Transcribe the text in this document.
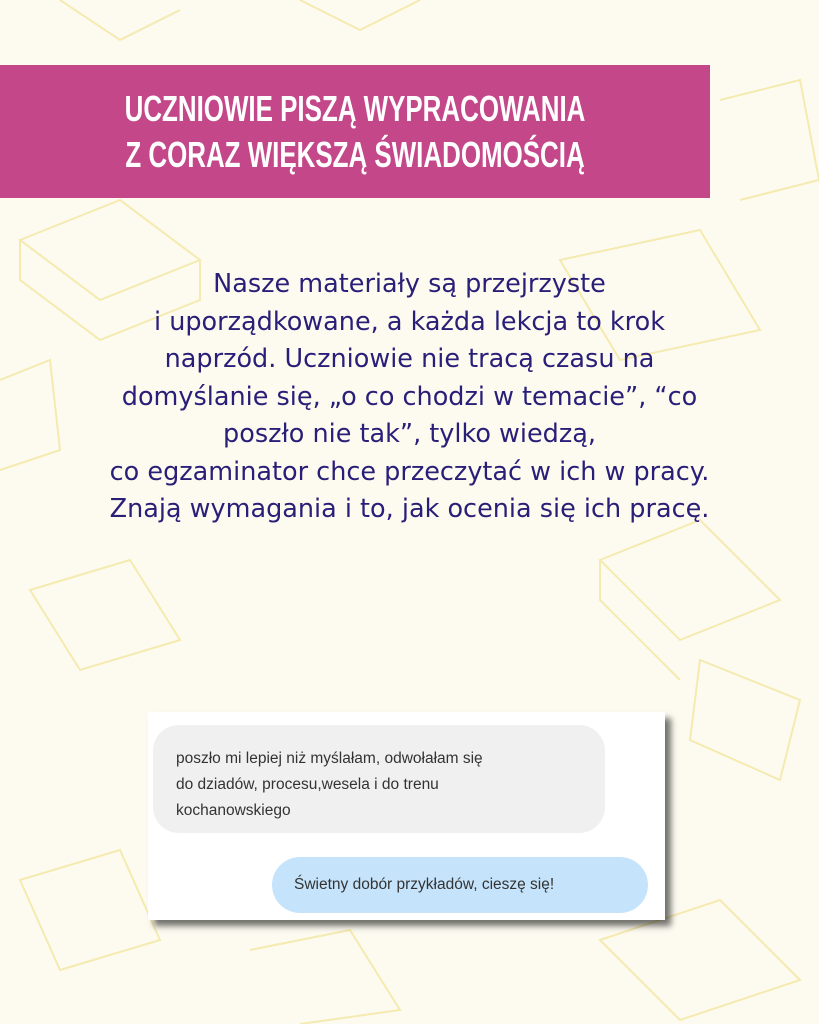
UCZNIOWIE PISZĄ WYPRACOWANIA
Z CORAZ WIĘKSZĄ ŚWIADOMOŚCIĄ
Nasze materiały są przejrzyste
i uporządkowane, a każda lekcja to krok
naprzód. Uczniowie nie tracą czasu na
domyślanie się, „o co chodzi w temacie”, “co
poszło nie tak”, tylko wiedzą,
co egzaminator chce przeczytać w ich w pracy.
Znają wymagania i to, jak ocenia się ich pracę.
poszło mi lepiej niż myślałam, odwołałam się
do dziadów, procesu,wesela i do trenu
kochanowskiego
Świetny dobór przykładów, cieszę się!
